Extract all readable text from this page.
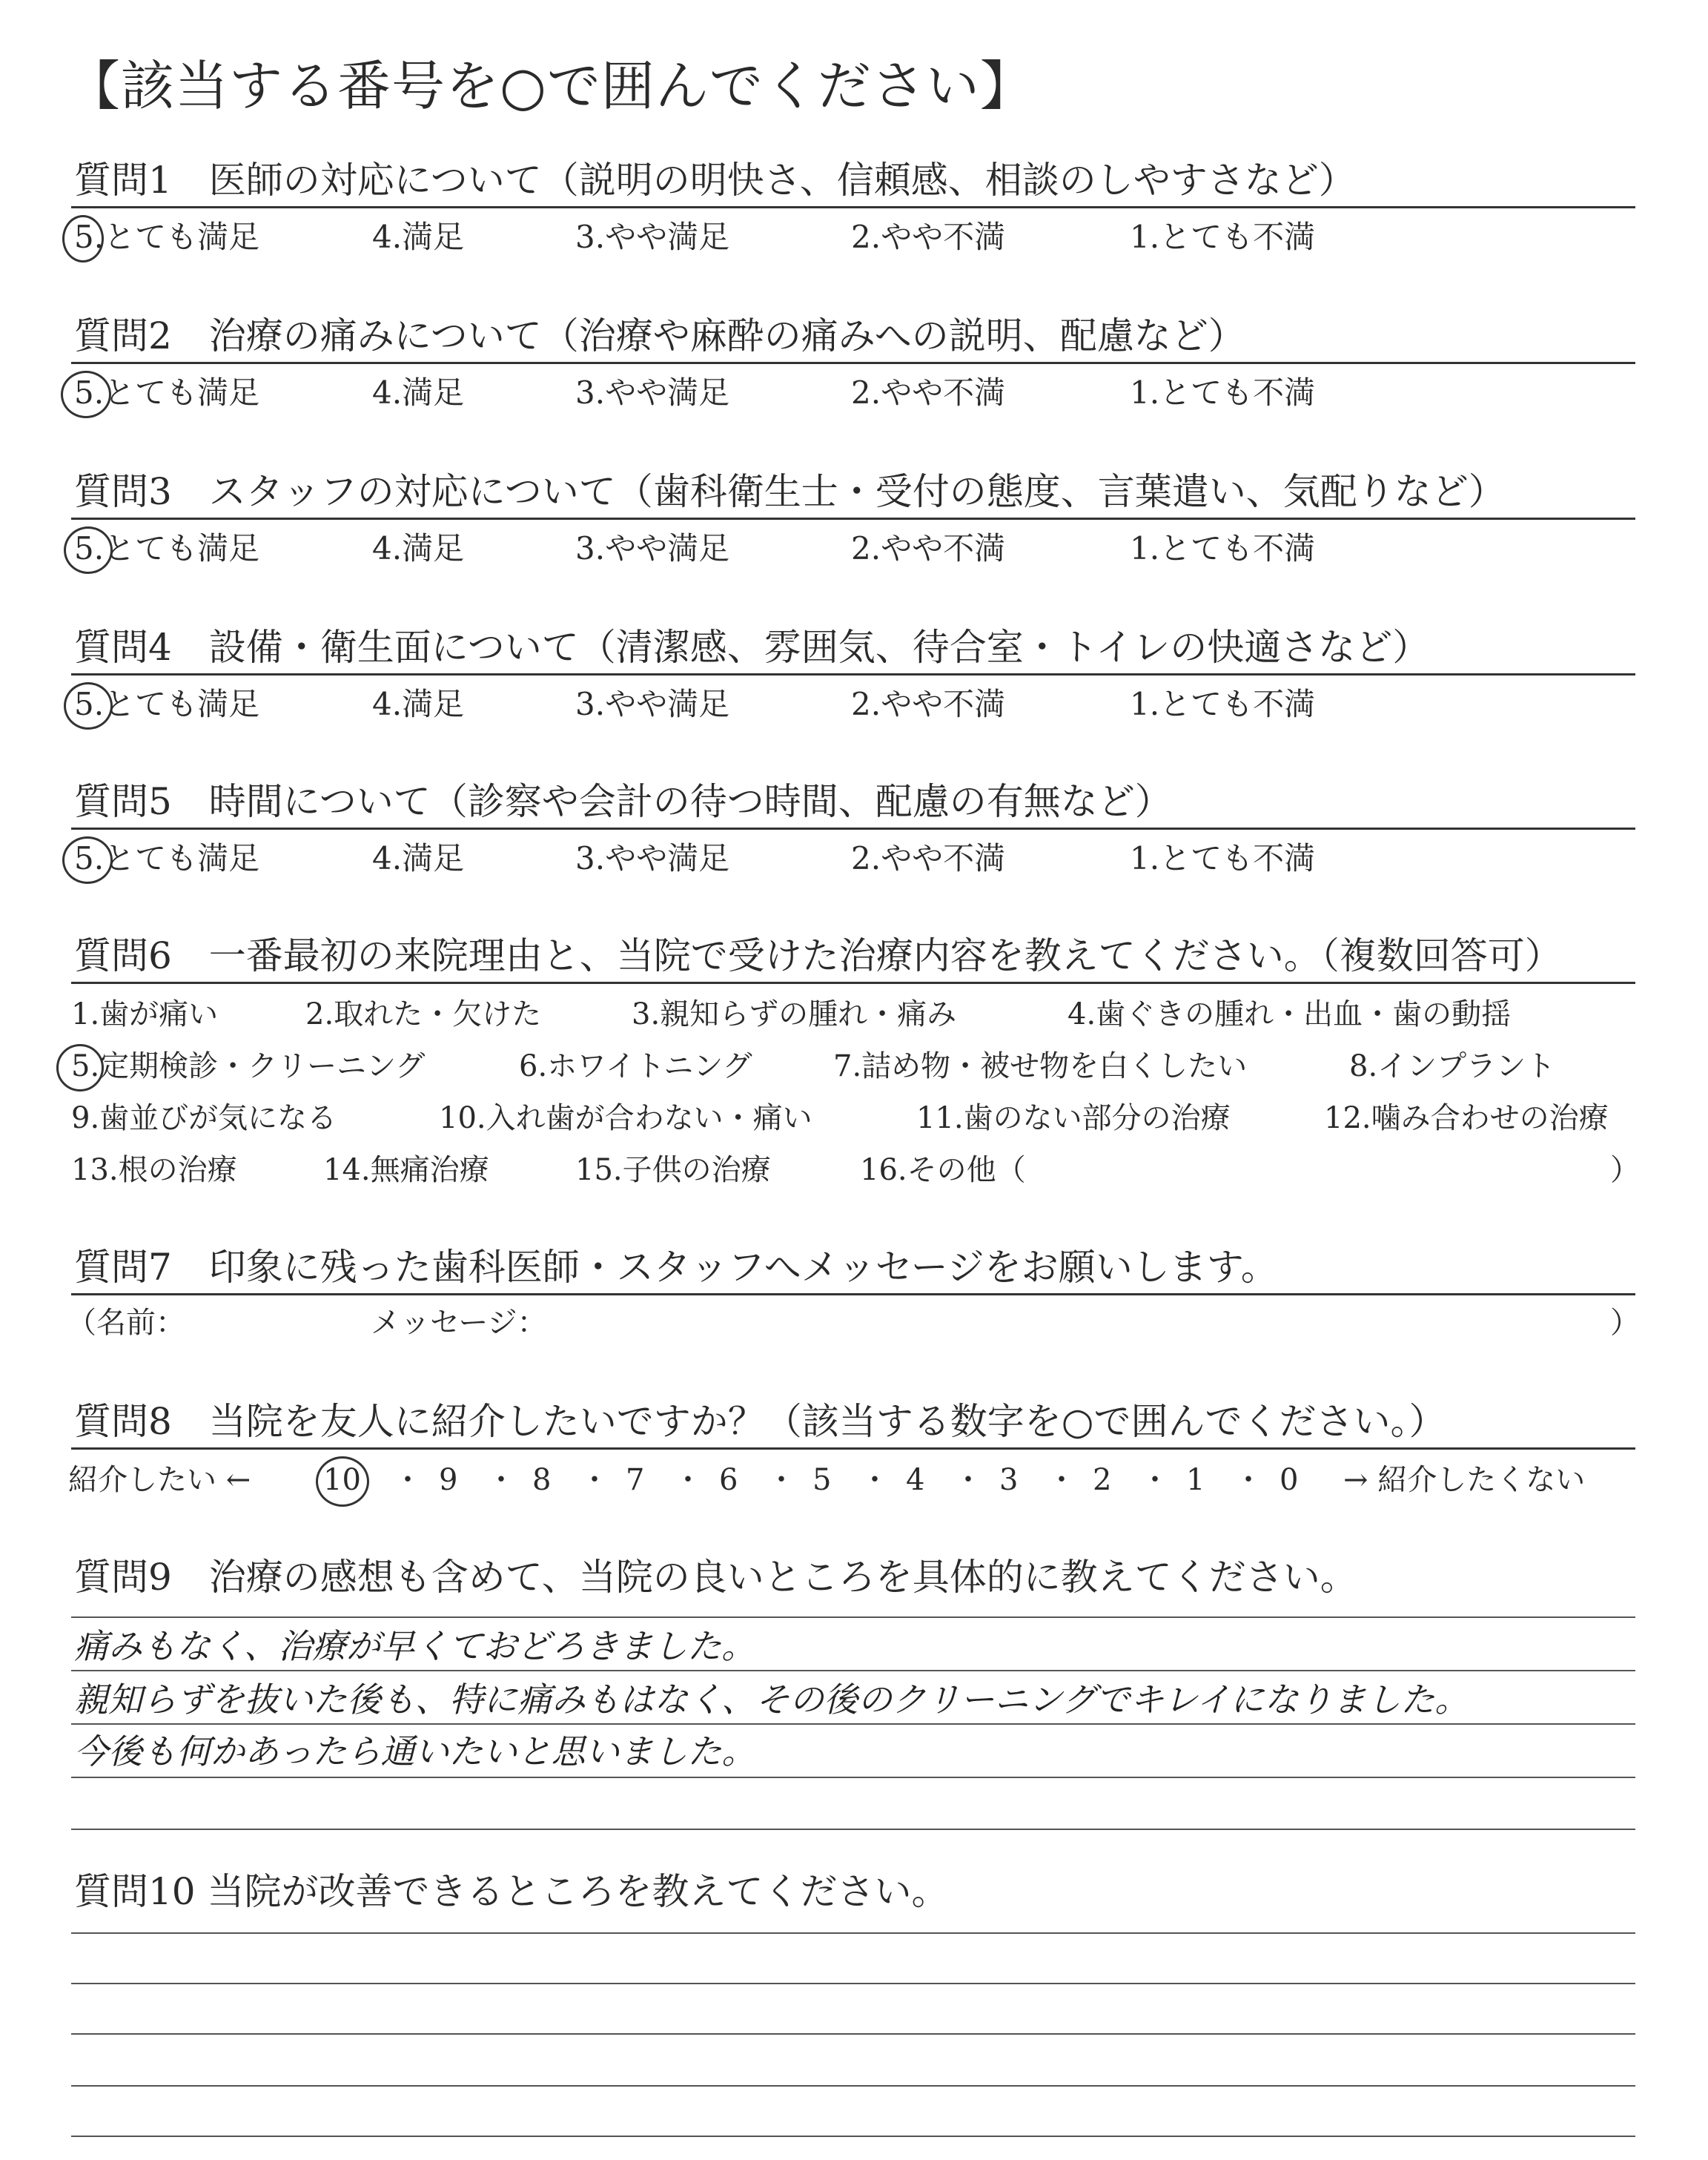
【該当する番号を○で囲んでください】
質問1　医師の対応について（説明の明快さ、信頼感、相談のしやすさなど）
5.とても満足	4.満足	3.やや満足	2.やや不満	1.とても不満
質問2　治療の痛みについて（治療や麻酔の痛みへの説明、配慮など）
5.とても満足	4.満足	3.やや満足	2.やや不満	1.とても不満
質問3　スタッフの対応について（歯科衛生士・受付の態度、言葉遣い、気配りなど）
5.とても満足	4.満足	3.やや満足	2.やや不満	1.とても不満
質問4　設備・衛生面について（清潔感、雰囲気、待合室・トイレの快適さなど）
5.とても満足	4.満足	3.やや満足	2.やや不満	1.とても不満
質問5　時間について（診察や会計の待つ時間、配慮の有無など）
5.とても満足	4.満足	3.やや満足	2.やや不満	1.とても不満
質問6　一番最初の来院理由と、当院で受けた治療内容を教えてください。（複数回答可）
1.歯が痛い	2.取れた・欠けた	3.親知らずの腫れ・痛み	4.歯ぐきの腫れ・出血・歯の動揺
5.定期検診・クリーニング	6.ホワイトニング	7.詰め物・被せ物を白くしたい	8.インプラント
9.歯並びが気になる	10.入れ歯が合わない・痛い	11.歯のない部分の治療	12.噛み合わせの治療
13.根の治療	14.無痛治療	15.子供の治療	16.その他（	）
質問7　印象に残った歯科医師・スタッフへメッセージをお願いします。
（名前：	メッセージ：	）
質問8　当院を友人に紹介したいですか？（該当する数字を○で囲んでください。）
紹介したい ← 10 ・ 9 ・ 8 ・ 7 ・ 6 ・ 5 ・ 4 ・ 3 ・ 2 ・ 1 ・ 0 → 紹介したくない
質問9　治療の感想も含めて、当院の良いところを具体的に教えてください。
痛みもなく、治療が早くておどろきました。
親知らずを抜いた後も、特に痛みもはなく、その後のクリーニングでキレイになりました。
今後も何かあったら通いたいと思いました。
質問10 当院が改善できるところを教えてください。
